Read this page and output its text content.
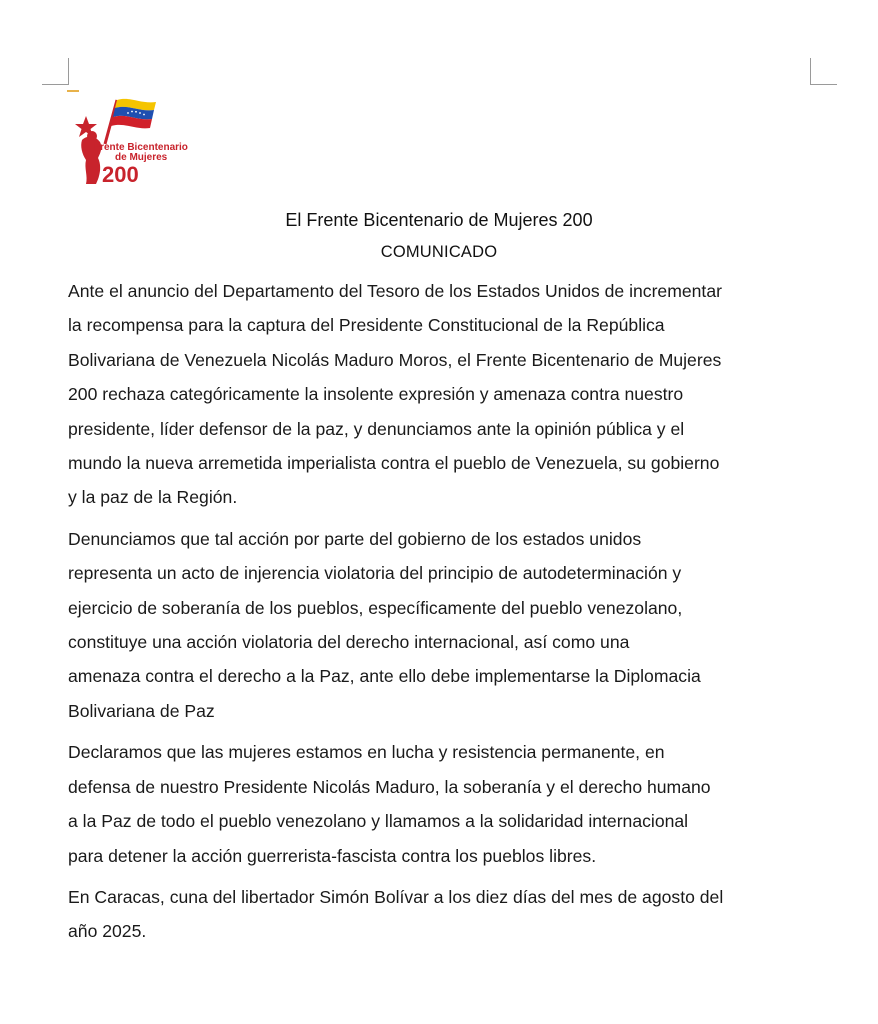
Frente Bicentenario
de Mujeres
200
El Frente Bicentenario de Mujeres 200
COMUNICADO

Ante el anuncio del Departamento del Tesoro de los Estados Unidos de incrementar
la recompensa para la captura del Presidente Constitucional de la República
Bolivariana de Venezuela Nicolás Maduro Moros, el Frente Bicentenario de Mujeres
200 rechaza categóricamente la insolente expresión y amenaza contra nuestro
presidente, líder defensor de la paz, y denunciamos ante la opinión pública y el
mundo la nueva arremetida imperialista contra el pueblo de Venezuela, su gobierno
y la paz de la Región.

Denunciamos que tal acción por parte del gobierno de los estados unidos
representa un acto de injerencia violatoria del principio de autodeterminación y
ejercicio de soberanía de los pueblos, específicamente del pueblo venezolano,
constituye una acción violatoria del derecho internacional, así como una
amenaza contra el derecho a la Paz, ante ello debe implementarse la Diplomacia
Bolivariana de Paz

Declaramos que las mujeres estamos en lucha y resistencia permanente, en
defensa de nuestro Presidente Nicolás Maduro, la soberanía y el derecho humano
a la Paz de todo el pueblo venezolano y llamamos a la solidaridad internacional
para detener la acción guerrerista-fascista contra los pueblos libres.

En Caracas, cuna del libertador Simón Bolívar a los diez días del mes de agosto del
año 2025.
